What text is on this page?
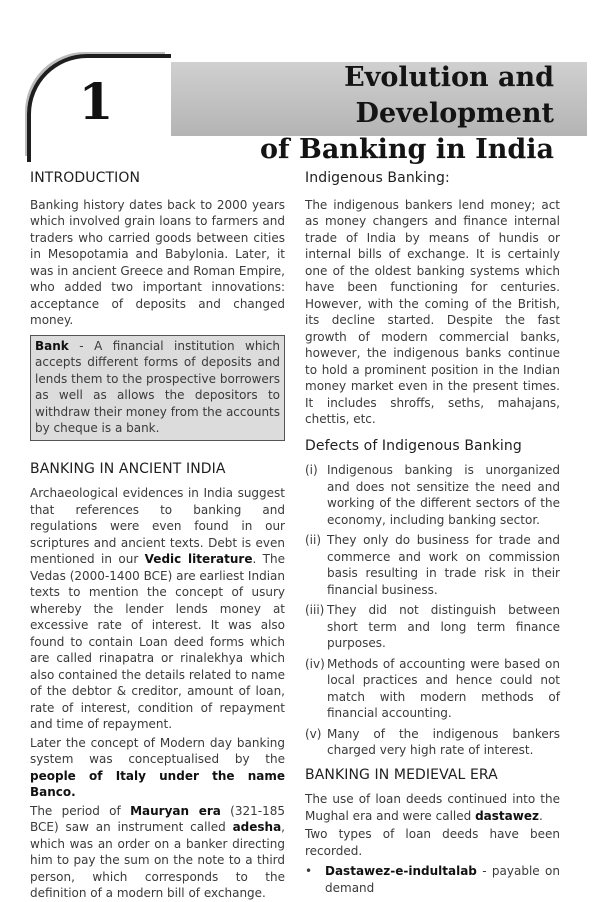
1	Evolution and Development
of Banking in India
INTRODUCTION

Banking history dates back to 2000 years which involved grain loans to farmers and traders who carried goods between cities in Mesopotamia and Babylonia. Later, it was in ancient Greece and Roman Empire, who added two important innovations: acceptance of deposits and changed money.

Bank - A financial institution which accepts different forms of deposits and lends them to the prospective borrowers as well as allows the depositors to withdraw their money from the accounts by cheque is a bank.

BANKING IN ANCIENT INDIA

Archaeological evidences in India suggest that references to banking and regulations were even found in our scriptures and ancient texts. Debt is even mentioned in our Vedic literature. The Vedas (2000-1400 BCE) are earliest Indian texts to mention the concept of usury whereby the lender lends money at excessive rate of interest. It was also found to contain Loan deed forms which are called rinapatra or rinalekhya which also contained the details related to name of the debtor & creditor, amount of loan, rate of interest, condition of repayment and time of repayment.

Later the concept of Modern day banking system was conceptualised by the people of Italy under the name Banco.

The period of Mauryan era (321-185 BCE) saw an instrument called adesha, which was an order on a banker directing him to pay the sum on the note to a third person, which corresponds to the definition of a modern bill of exchange.

Indigenous Banking:

The indigenous bankers lend money; act as money changers and finance internal trade of India by means of hundis or internal bills of exchange. It is certainly one of the oldest banking systems which have been functioning for centuries. However, with the coming of the British, its decline started. Despite the fast growth of modern commercial banks, however, the indigenous banks continue to hold a prominent position in the Indian money market even in the present times. It includes shroffs, seths, mahajans, chettis, etc.

Defects of Indigenous Banking
(i) Indigenous banking is unorganized and does not sensitize the need and working of the different sectors of the economy, including banking sector.
(ii) They only do business for trade and commerce and work on commission basis resulting in trade risk in their financial business.
(iii) They did not distinguish between short term and long term finance purposes.
(iv) Methods of accounting were based on local practices and hence could not match with modern methods of financial accounting.
(v) Many of the indigenous bankers charged very high rate of interest.
BANKING IN MEDIEVAL ERA

The use of loan deeds continued into the Mughal era and were called dastawez.

Two types of loan deeds have been recorded.

•	Dastawez-e-indultalab - payable on demand
